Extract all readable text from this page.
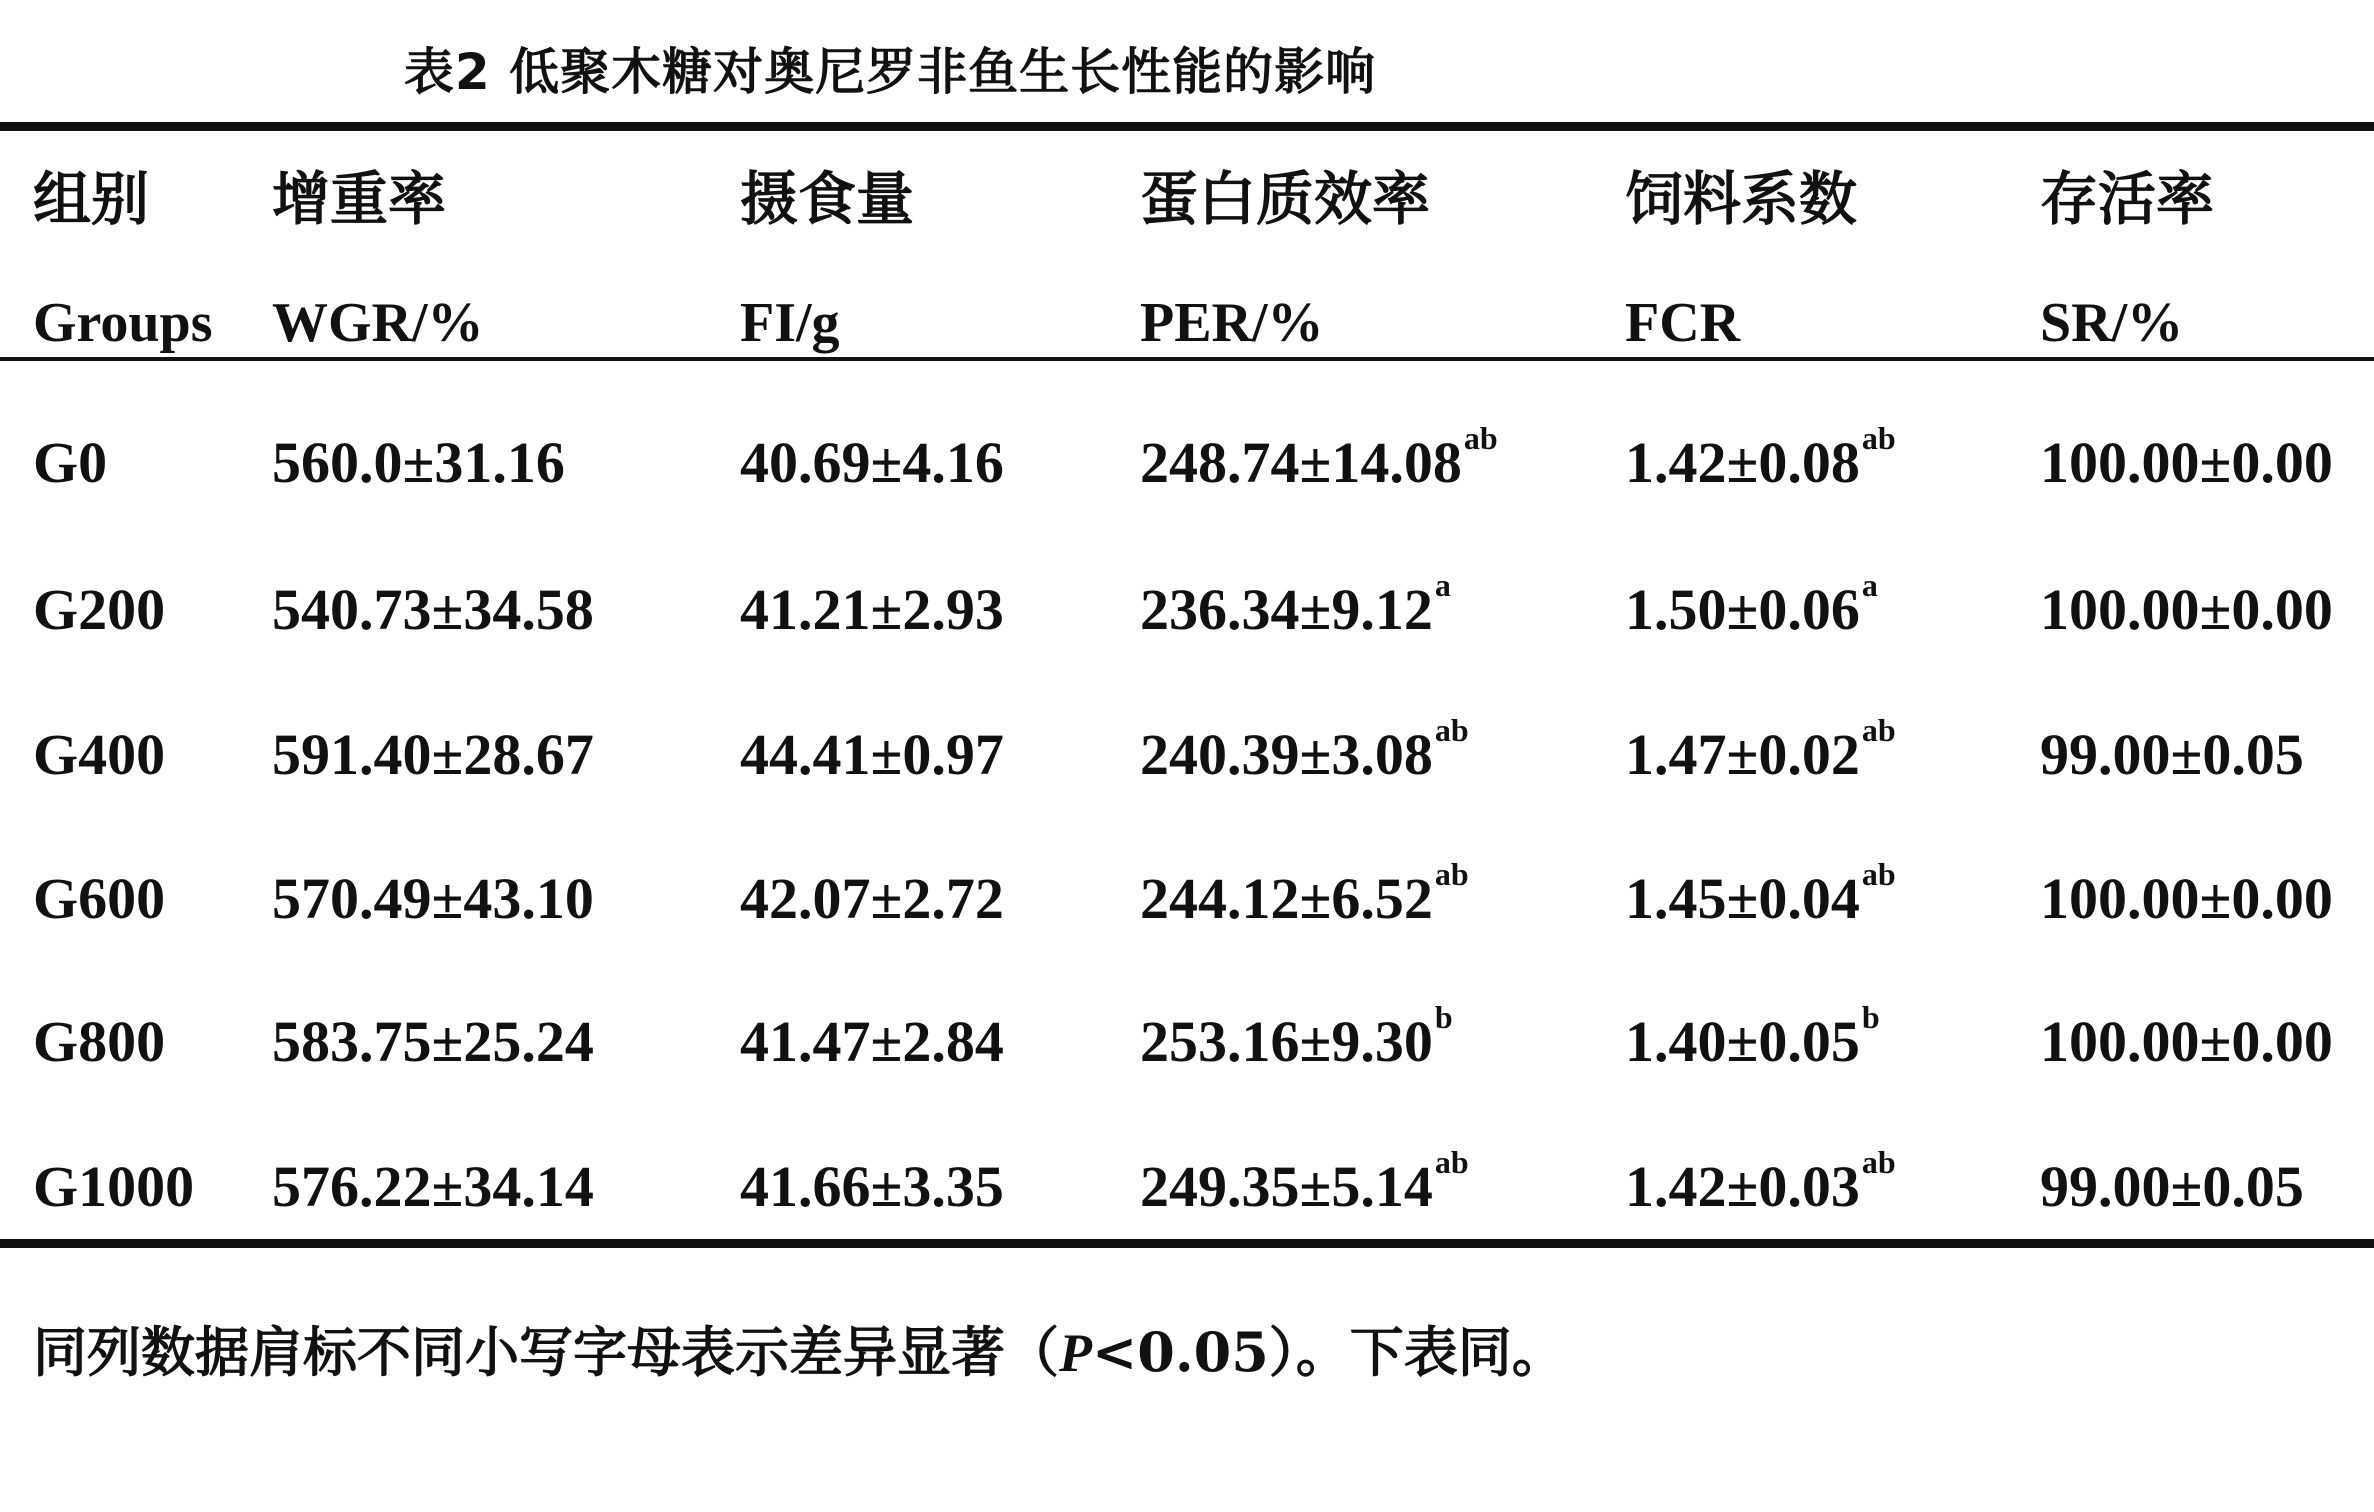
表2 低聚木糖对奥尼罗非鱼生长性能的影响
组别 增重率	摄食量	蛋白质效率	饲料系数	存活率
Groups WGR/%	FI/g	PER/%	FCR	SR/%
G0	560.0±31.16	40.69±4.16 248.74±14.08$^{ab}$ 1.42±0.08$^{ab}$ 100.00±0.00
G200 540.73±34.58	41.21±2.93 236.34±9.12$^a$	1.50±0.06$^a$	100.00±0.00
G400 591.40±28.67	44.41±0.97 240.39±3.08$^{ab}$	1.47±0.02$^{ab}$ 99.00±0.05
G600 570.49±43.10	42.07±2.72 244.12±6.52$^{ab}$	1.45±0.04$^{ab}$ 100.00±0.00
G800 583.75±25.24	41.47±2.84 253.16±9.30$^b$	1.40±0.05$^b$	100.00±0.00
G1000 576.22±34.14	41.66±3.35 249.35±5.14$^{ab}$	1.42±0.03$^{ab}$ 99.00±0.05
同列数据肩标不同小写字母表示差异显著（P<0.05）。下表同。
